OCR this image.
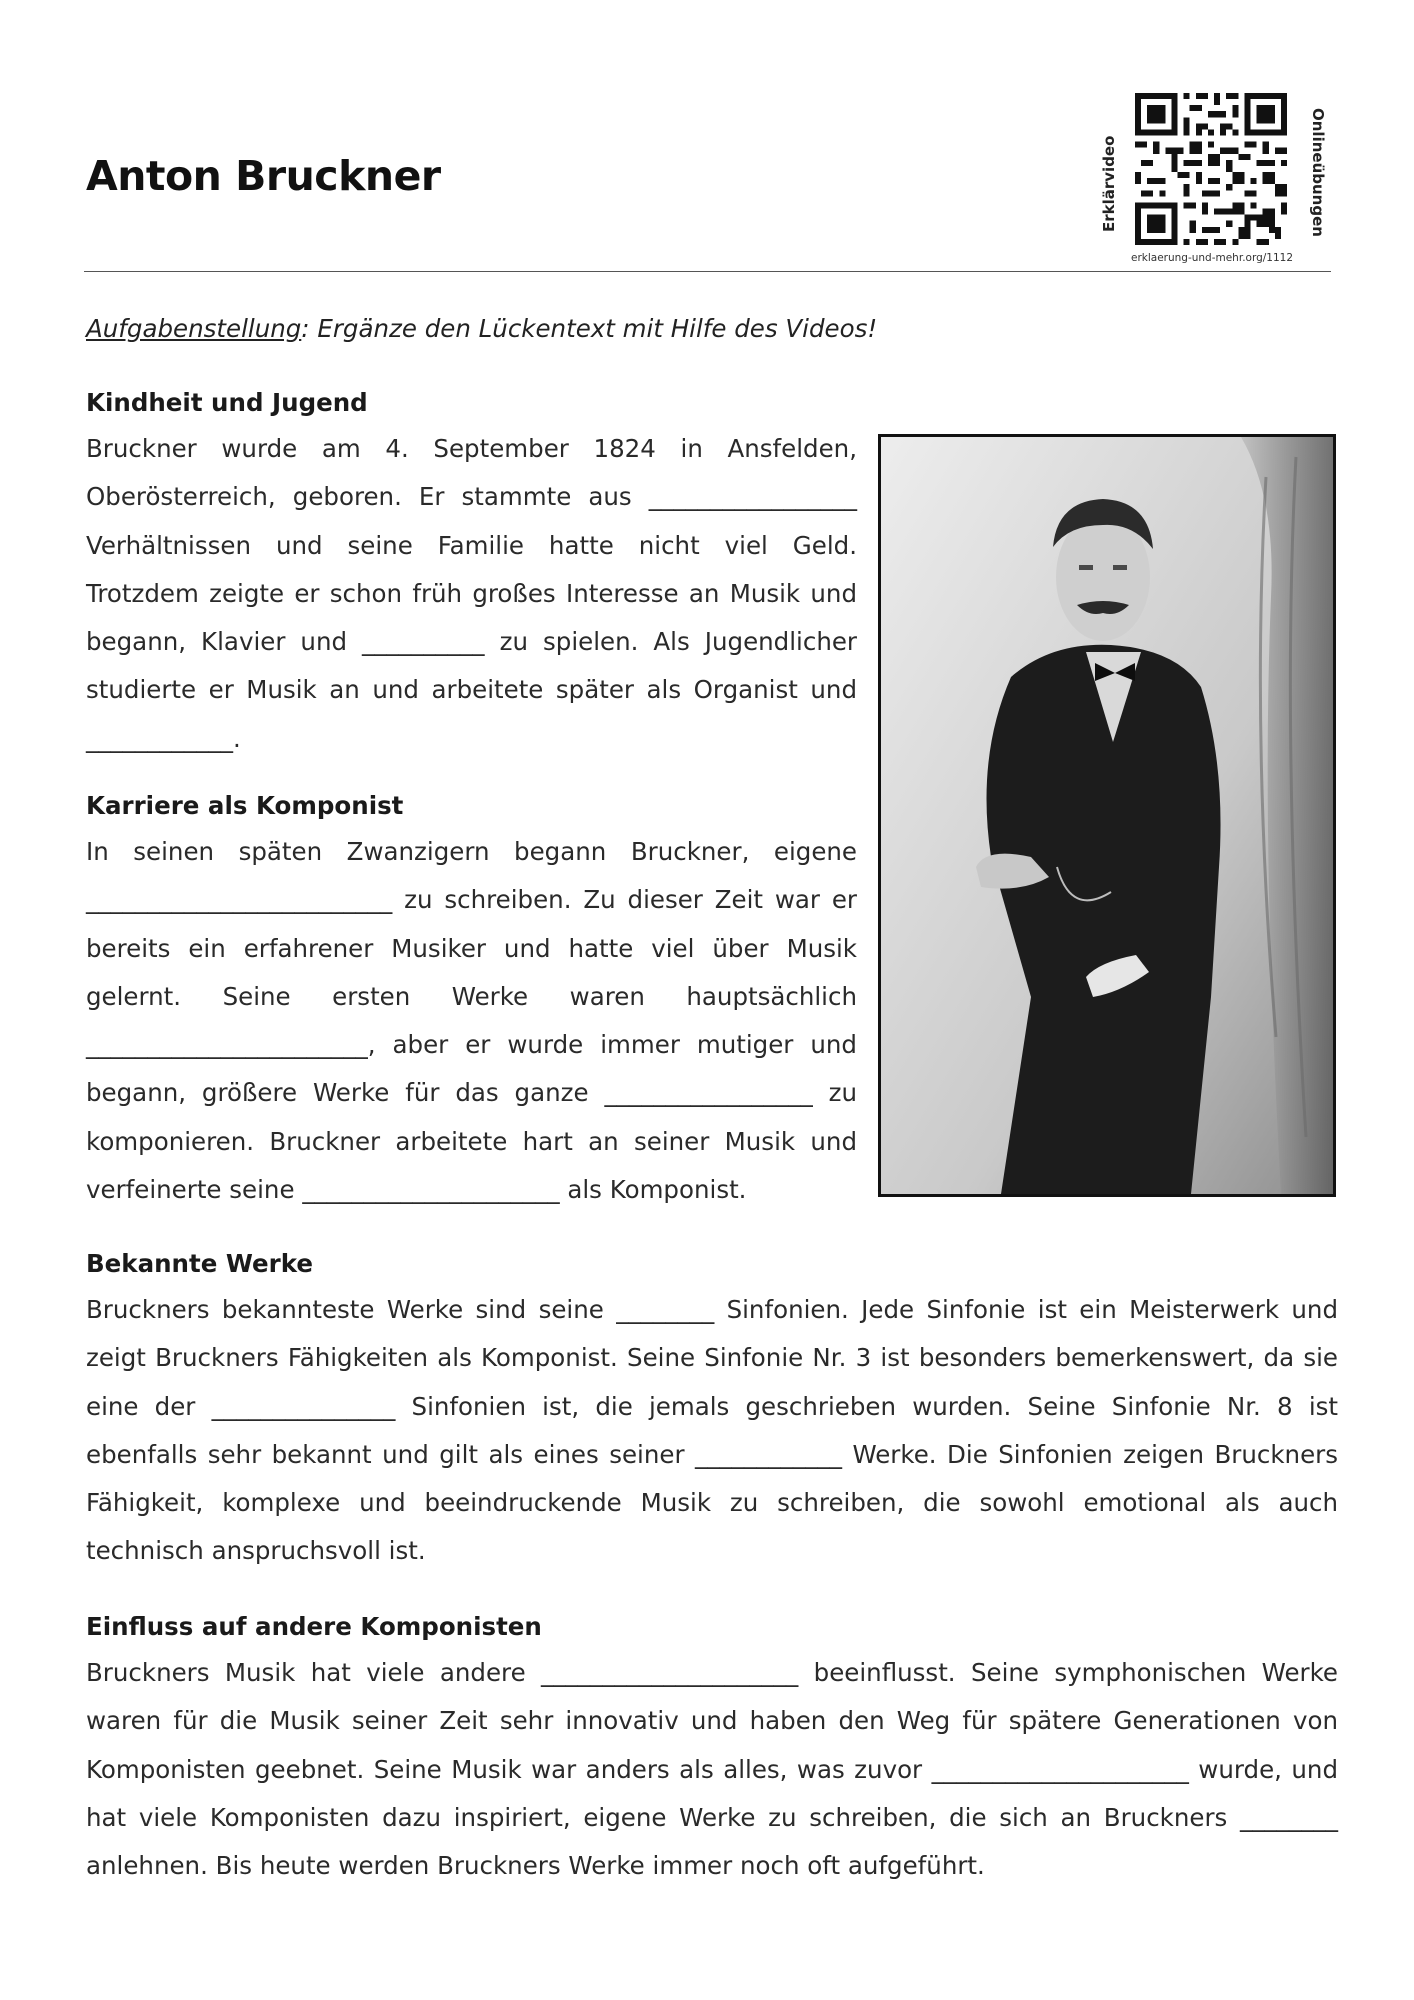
Anton Bruckner	Erklärvideo	Onlineübungen
erklaerung-und-mehr.org/1112
Aufgabenstellung: Ergänze den Lückentext mit Hilfe des Videos!
Kindheit und Jugend
Bruckner wurde am 4. September 1824 in Ansfelden, Oberösterreich, geboren. Er stammte aus _________________ Verhältnissen und seine Familie hatte nicht viel Geld. Trotzdem zeigte er schon früh großes Interesse an Musik und begann, Klavier und __________ zu spielen. Als Jugendlicher studierte er Musik an und arbeitete später als Organist und ____________.
Karriere als Komponist
In seinen späten Zwanzigern begann Bruckner, eigene _________________________ zu schreiben. Zu dieser Zeit war er bereits ein erfahrener Musiker und hatte viel über Musik gelernt. Seine ersten Werke waren hauptsächlich _______________________, aber er wurde immer mutiger und begann, größere Werke für das ganze _________________ zu komponieren. Bruckner arbeitete hart an seiner Musik und verfeinerte seine _____________________ als Komponist.
Bekannte Werke
Bruckners bekannteste Werke sind seine ________ Sinfonien. Jede Sinfonie ist ein Meisterwerk und zeigt Bruckners Fähigkeiten als Komponist. Seine Sinfonie Nr. 3 ist besonders bemerkenswert, da sie eine der _______________ Sinfonien ist, die jemals geschrieben wurden. Seine Sinfonie Nr. 8 ist ebenfalls sehr bekannt und gilt als eines seiner ____________ Werke. Die Sinfonien zeigen Bruckners Fähigkeit, komplexe und beeindruckende Musik zu schreiben, die sowohl emotional als auch technisch anspruchsvoll ist.
Einfluss auf andere Komponisten
Bruckners Musik hat viele andere _____________________ beeinflusst. Seine symphonischen Werke waren für die Musik seiner Zeit sehr innovativ und haben den Weg für spätere Generationen von Komponisten geebnet. Seine Musik war anders als alles, was zuvor _____________________ wurde, und hat viele Komponisten dazu inspiriert, eigene Werke zu schreiben, die sich an Bruckners ________ anlehnen. Bis heute werden Bruckners Werke immer noch oft aufgeführt.
